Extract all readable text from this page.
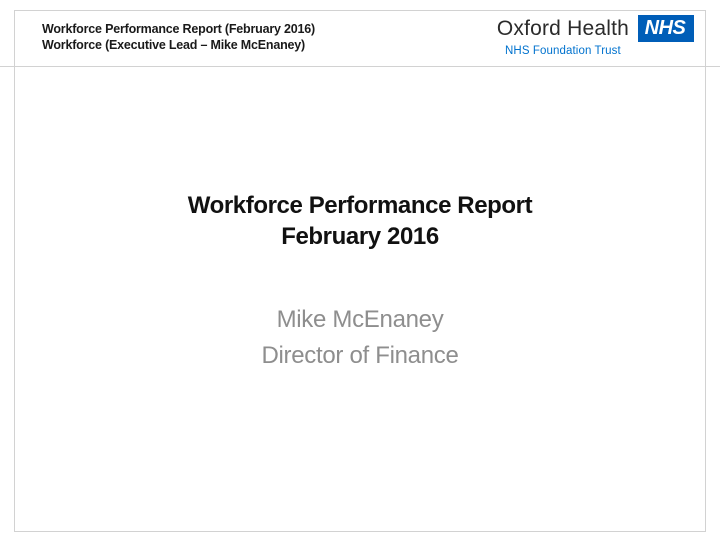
Workforce Performance Report (February 2016)
Workforce (Executive Lead – Mike McEnaney)
Oxford Health NHS
NHS Foundation Trust
Workforce Performance Report
February 2016
Mike McEnaney
Director of Finance
